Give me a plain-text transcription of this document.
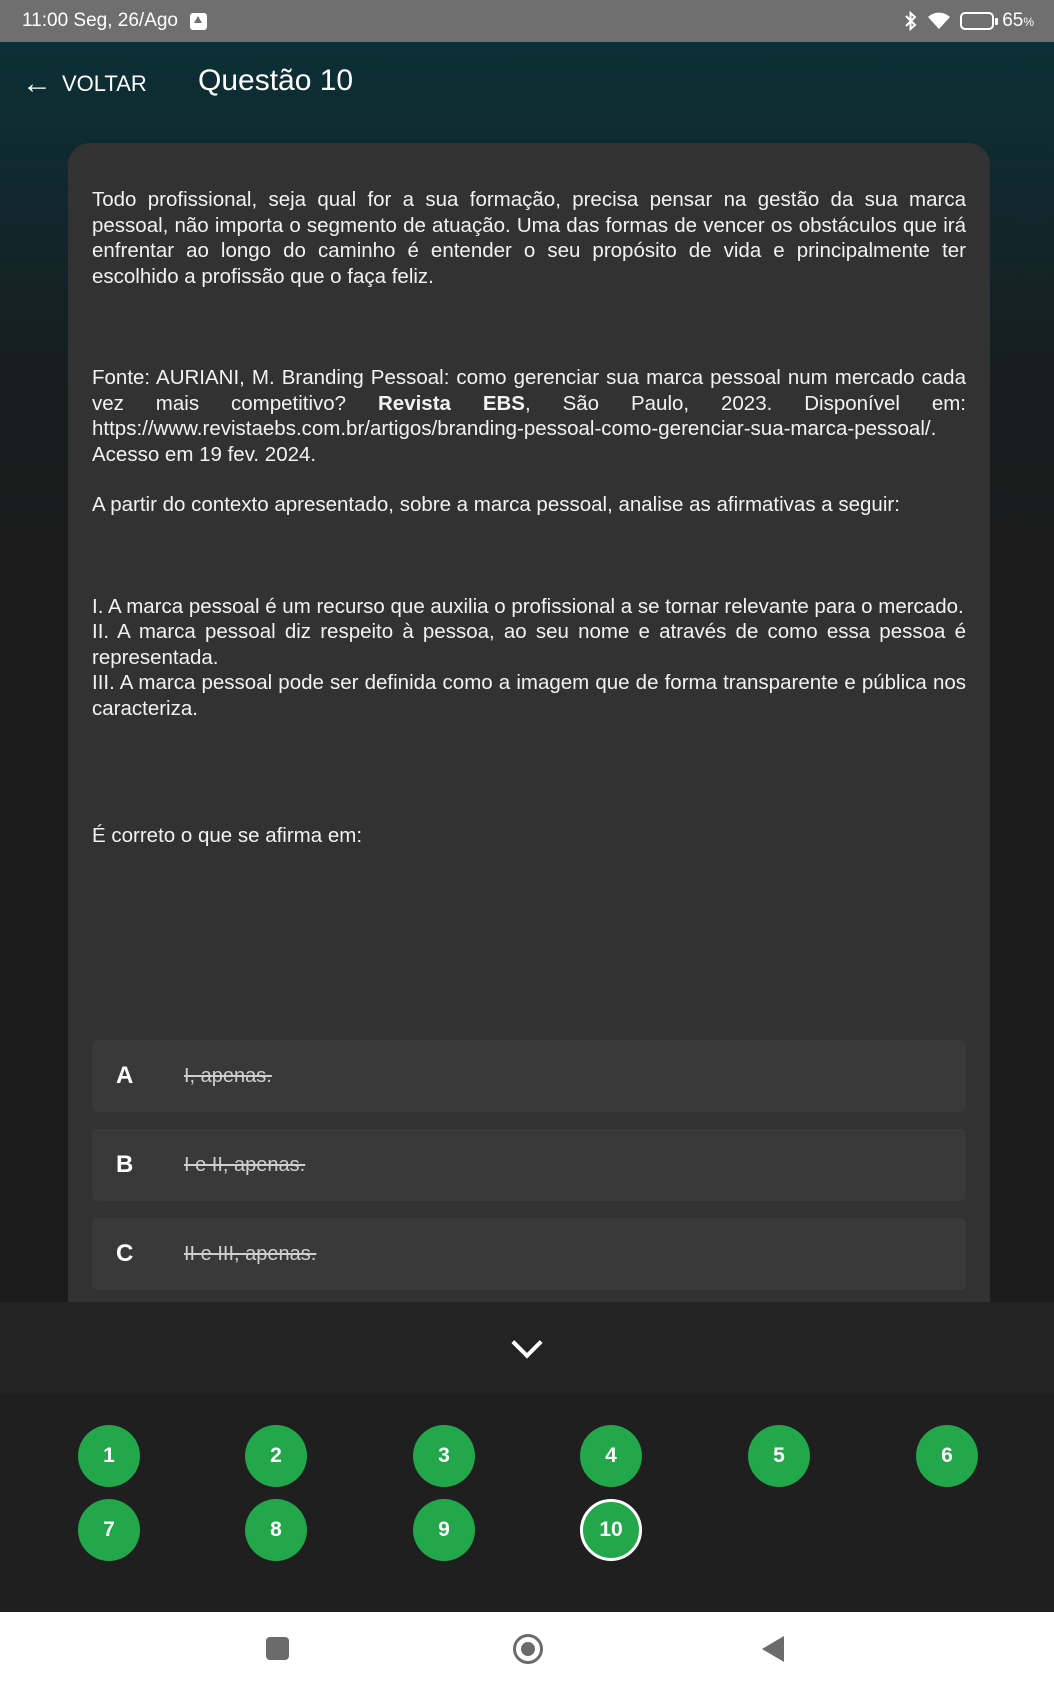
11:00 Seg, 26/Ago	65%
← VOLTAR Questão 10

Todo profissional, seja qual for a sua formação, precisa pensar na gestão da sua marca pessoal, não importa o segmento de atuação. Uma das formas de vencer os obstáculos que irá enfrentar ao longo do caminho é entender o seu propósito de vida e principalmente ter escolhido a profissão que o faça feliz.

Fonte: AURIANI, M. Branding Pessoal: como gerenciar sua marca pessoal num mercado cada vez mais competitivo? Revista EBS, São Paulo, 2023. Disponível em: https://www.revistaebs.com.br/artigos/branding-pessoal-como-gerenciar-sua-marca-pessoal/. Acesso em 19 fev. 2024.

A partir do contexto apresentado, sobre a marca pessoal, analise as afirmativas a seguir:

I. A marca pessoal é um recurso que auxilia o profissional a se tornar relevante para o mercado.

II. A marca pessoal diz respeito à pessoa, ao seu nome e através de como essa pessoa é representada.

III. A marca pessoal pode ser definida como a imagem que de forma transparente e pública nos caracteriza.

É correto o que se afirma em:

A	I, apenas.
B	I e II, apenas.
C	II e III, apenas.
1	2	3	4	5	6
7	8	9	10
